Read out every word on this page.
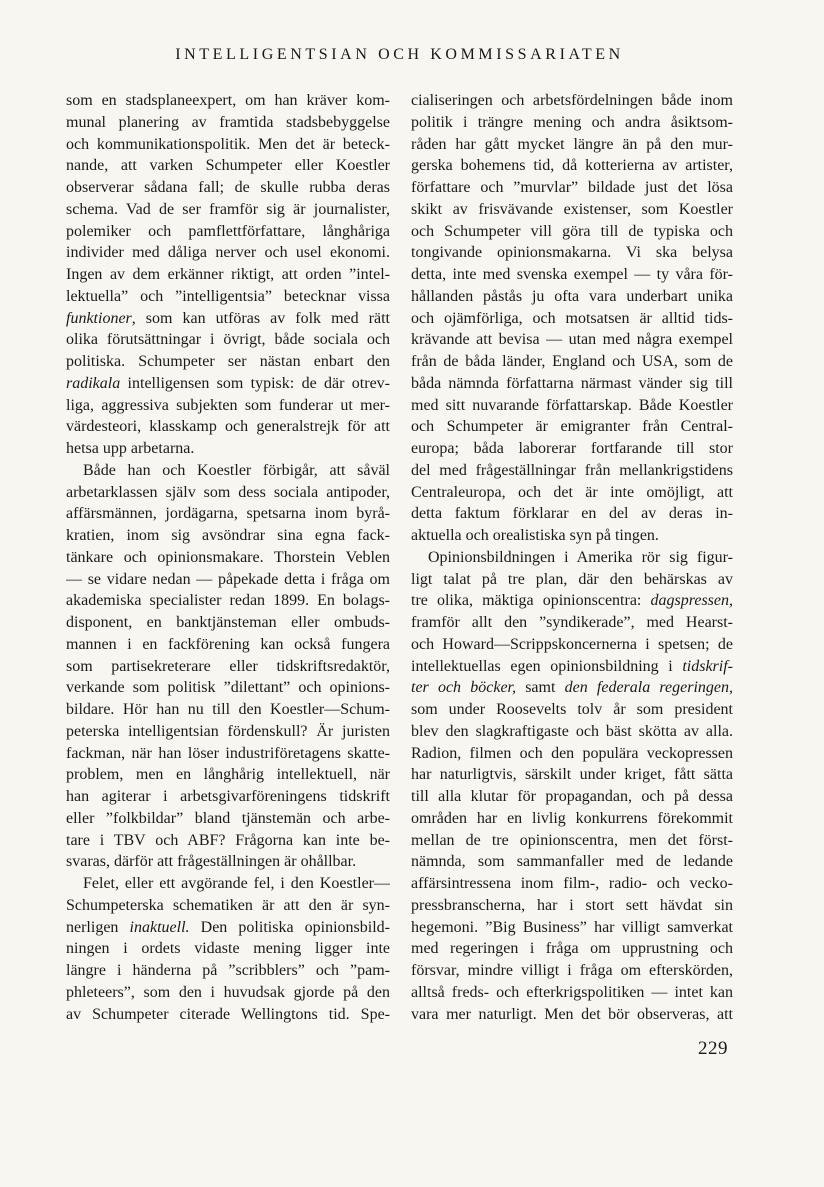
INTELLIGENTSIAN OCH KOMMISSARIATEN
som en stadsplaneexpert, om han kräver kom-
munal planering av framtida stadsbebyggelse
och kommunikationspolitik. Men det är beteck-
nande, att varken Schumpeter eller Koestler
observerar sådana fall; de skulle rubba deras
schema. Vad de ser framför sig är journalister,
polemiker och pamflettförfattare, långhåriga
individer med dåliga nerver och usel ekonomi.
Ingen av dem erkänner riktigt, att orden ”intel-
lektuella” och ”intelligentsia” betecknar vissa
funktioner, som kan utföras av folk med rätt
olika förutsättningar i övrigt, både sociala och
politiska. Schumpeter ser nästan enbart den
radikala intelligensen som typisk: de där otrev-
liga, aggressiva subjekten som funderar ut mer-
värdesteori, klasskamp och generalstrejk för att
hetsa upp arbetarna.
Både han och Koestler förbigår, att såväl
arbetarklassen själv som dess sociala antipoder,
affärsmännen, jordägarna, spetsarna inom byrå-
kratien, inom sig avsöndrar sina egna fack-
tänkare och opinionsmakare. Thorstein Veblen
— se vidare nedan — påpekade detta i fråga om
akademiska specialister redan 1899. En bolags-
disponent, en banktjänsteman eller ombuds-
mannen i en fackförening kan också fungera
som partisekreterare eller tidskriftsredaktör,
verkande som politisk ”dilettant” och opinions-
bildare. Hör han nu till den Koestler—Schum-
peterska intelligentsian fördenskull? Är juristen
fackman, när han löser industriföretagens skatte-
problem, men en långhårig intellektuell, när
han agiterar i arbetsgivarföreningens tidskrift
eller ”folkbildar” bland tjänstemän och arbe-
tare i TBV och ABF? Frågorna kan inte be-
svaras, därför att frågeställningen är ohållbar.
Felet, eller ett avgörande fel, i den Koestler—
Schumpeterska schematiken är att den är syn-
nerligen inaktuell. Den politiska opinionsbild-
ningen i ordets vidaste mening ligger inte
längre i händerna på ”scribblers” och ”pam-
phleteers”, som den i huvudsak gjorde på den
av Schumpeter citerade Wellingtons tid. Spe-
cialiseringen och arbetsfördelningen både inom
politik i trängre mening och andra åsiktsom-
råden har gått mycket längre än på den mur-
gerska bohemens tid, då kotterierna av artister,
författare och ”murvlar” bildade just det lösa
skikt av frisvävande existenser, som Koestler
och Schumpeter vill göra till de typiska och
tongivande opinionsmakarna. Vi ska belysa
detta, inte med svenska exempel — ty våra för-
hållanden påstås ju ofta vara underbart unika
och ojämförliga, och motsatsen är alltid tids-
krävande att bevisa — utan med några exempel
från de båda länder, England och USA, som de
båda nämnda författarna närmast vänder sig till
med sitt nuvarande författarskap. Både Koestler
och Schumpeter är emigranter från Central-
europa; båda laborerar fortfarande till stor
del med frågeställningar från mellankrigstidens
Centraleuropa, och det är inte omöjligt, att
detta faktum förklarar en del av deras in-
aktuella och orealistiska syn på tingen.
Opinionsbildningen i Amerika rör sig figur-
ligt talat på tre plan, där den behärskas av
tre olika, mäktiga opinionscentra: dagspressen,
framför allt den ”syndikerade”, med Hearst-
och Howard—Scrippskoncernerna i spetsen; de
intellektuellas egen opinionsbildning i tidskrif-
ter och böcker, samt den federala regeringen,
som under Roosevelts tolv år som president
blev den slagkraftigaste och bäst skötta av alla.
Radion, filmen och den populära veckopressen
har naturligtvis, särskilt under kriget, fått sätta
till alla klutar för propagandan, och på dessa
områden har en livlig konkurrens förekommit
mellan de tre opinionscentra, men det först-
nämnda, som sammanfaller med de ledande
affärsintressena inom film-, radio- och vecko-
pressbranscherna, har i stort sett hävdat sin
hegemoni. ”Big Business” har villigt samverkat
med regeringen i fråga om upprustning och
försvar, mindre villigt i fråga om efterskörden,
alltså freds- och efterkrigspolitiken — intet kan
vara mer naturligt. Men det bör observeras, att
229
